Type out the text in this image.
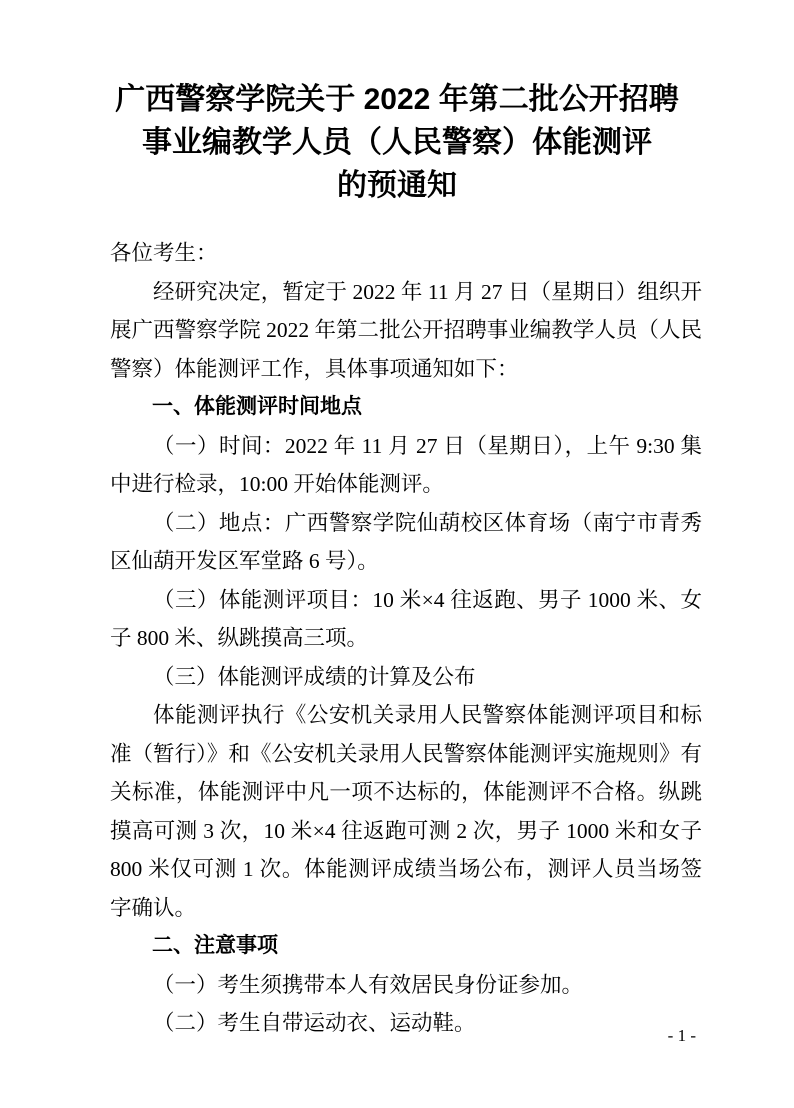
广西警察学院关于 2022 年第二批公开招聘
事业编教学人员（人民警察）体能测评
的预通知

各位考生：

经研究决定，暂定于 2022 年 11 月 27 日（星期日）组织开展广西警察学院 2022 年第二批公开招聘事业编教学人员（人民警察）体能测评工作，具体事项通知如下：

一、体能测评时间地点

（一）时间：2022 年 11 月 27 日（星期日），上午 9:30 集中进行检录，10:00 开始体能测评。

（二）地点：广西警察学院仙葫校区体育场（南宁市青秀区仙葫开发区军堂路 6 号）。

（三）体能测评项目：10 米×4 往返跑、男子 1000 米、女子 800 米、纵跳摸高三项。

（三）体能测评成绩的计算及公布

体能测评执行《公安机关录用人民警察体能测评项目和标准（暂行）》和《公安机关录用人民警察体能测评实施规则》有关标准，体能测评中凡一项不达标的，体能测评不合格。纵跳摸高可测 3 次，10 米×4 往返跑可测 2 次，男子 1000 米和女子 800 米仅可测 1 次。体能测评成绩当场公布，测评人员当场签字确认。

二、注意事项

（一）考生须携带本人有效居民身份证参加。

（二）考生自带运动衣、运动鞋。

- 1 -
